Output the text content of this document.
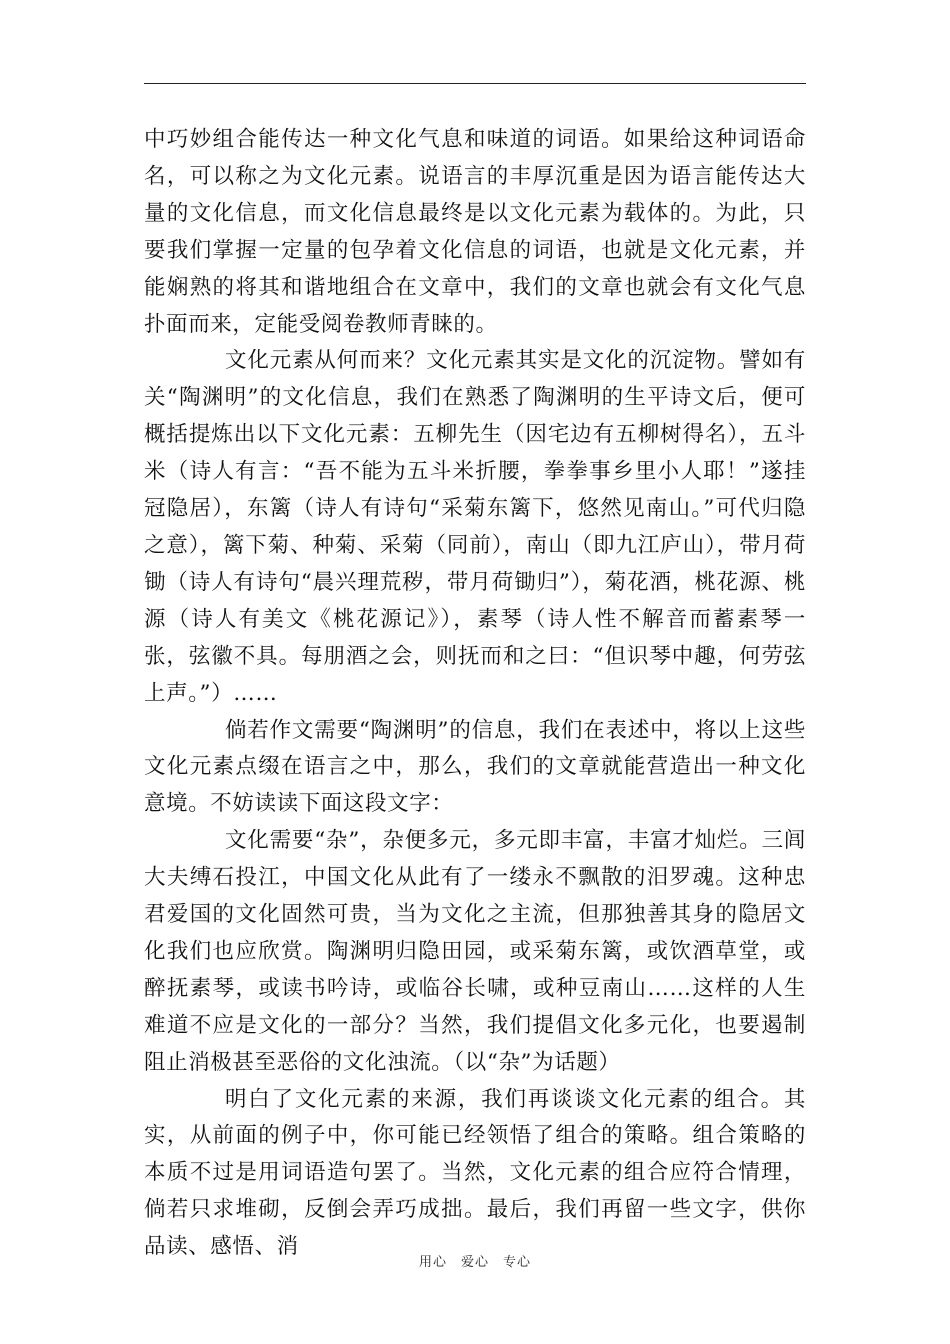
中巧妙组合能传达一种文化气息和味道的词语。如果给这种词语命名，可以称之为文化元素。说语言的丰厚沉重是因为语言能传达大量的文化信息，而文化信息最终是以文化元素为载体的。为此，只要我们掌握一定量的包孕着文化信息的词语，也就是文化元素，并能娴熟的将其和谐地组合在文章中，我们的文章也就会有文化气息扑面而来，定能受阅卷教师青睐的。

文化元素从何而来？文化元素其实是文化的沉淀物。譬如有关“陶渊明”的文化信息，我们在熟悉了陶渊明的生平诗文后，便可概括提炼出以下文化元素：五柳先生（因宅边有五柳树得名），五斗米（诗人有言：“吾不能为五斗米折腰，拳拳事乡里小人耶！”遂挂冠隐居），东篱（诗人有诗句“采菊东篱下，悠然见南山。”可代归隐之意），篱下菊、种菊、采菊（同前），南山（即九江庐山），带月荷锄（诗人有诗句“晨兴理荒秽，带月荷锄归”），菊花酒，桃花源、桃源（诗人有美文《桃花源记》），素琴（诗人性不解音而蓄素琴一张，弦徽不具。每朋酒之会，则抚而和之曰：“但识琴中趣，何劳弦上声。”）……

倘若作文需要“陶渊明”的信息，我们在表述中，将以上这些文化元素点缀在语言之中，那么，我们的文章就能营造出一种文化意境。不妨读读下面这段文字：

文化需要“杂”，杂便多元，多元即丰富，丰富才灿烂。三闾大夫缚石投江，中国文化从此有了一缕永不飘散的汨罗魂。这种忠君爱国的文化固然可贵，当为文化之主流，但那独善其身的隐居文化我们也应欣赏。陶渊明归隐田园，或采菊东篱，或饮酒草堂，或醉抚素琴，或读书吟诗，或临谷长啸，或种豆南山……这样的人生难道不应是文化的一部分？当然，我们提倡文化多元化，也要遏制阻止消极甚至恶俗的文化浊流。（以“杂”为话题）

明白了文化元素的来源，我们再谈谈文化元素的组合。其实，从前面的例子中，你可能已经领悟了组合的策略。组合策略的本质不过是用词语造句罢了。当然，文化元素的组合应符合情理，倘若只求堆砌，反倒会弄巧成拙。最后，我们再留一些文字，供你品读、感悟、消

用心　爱心　专心
